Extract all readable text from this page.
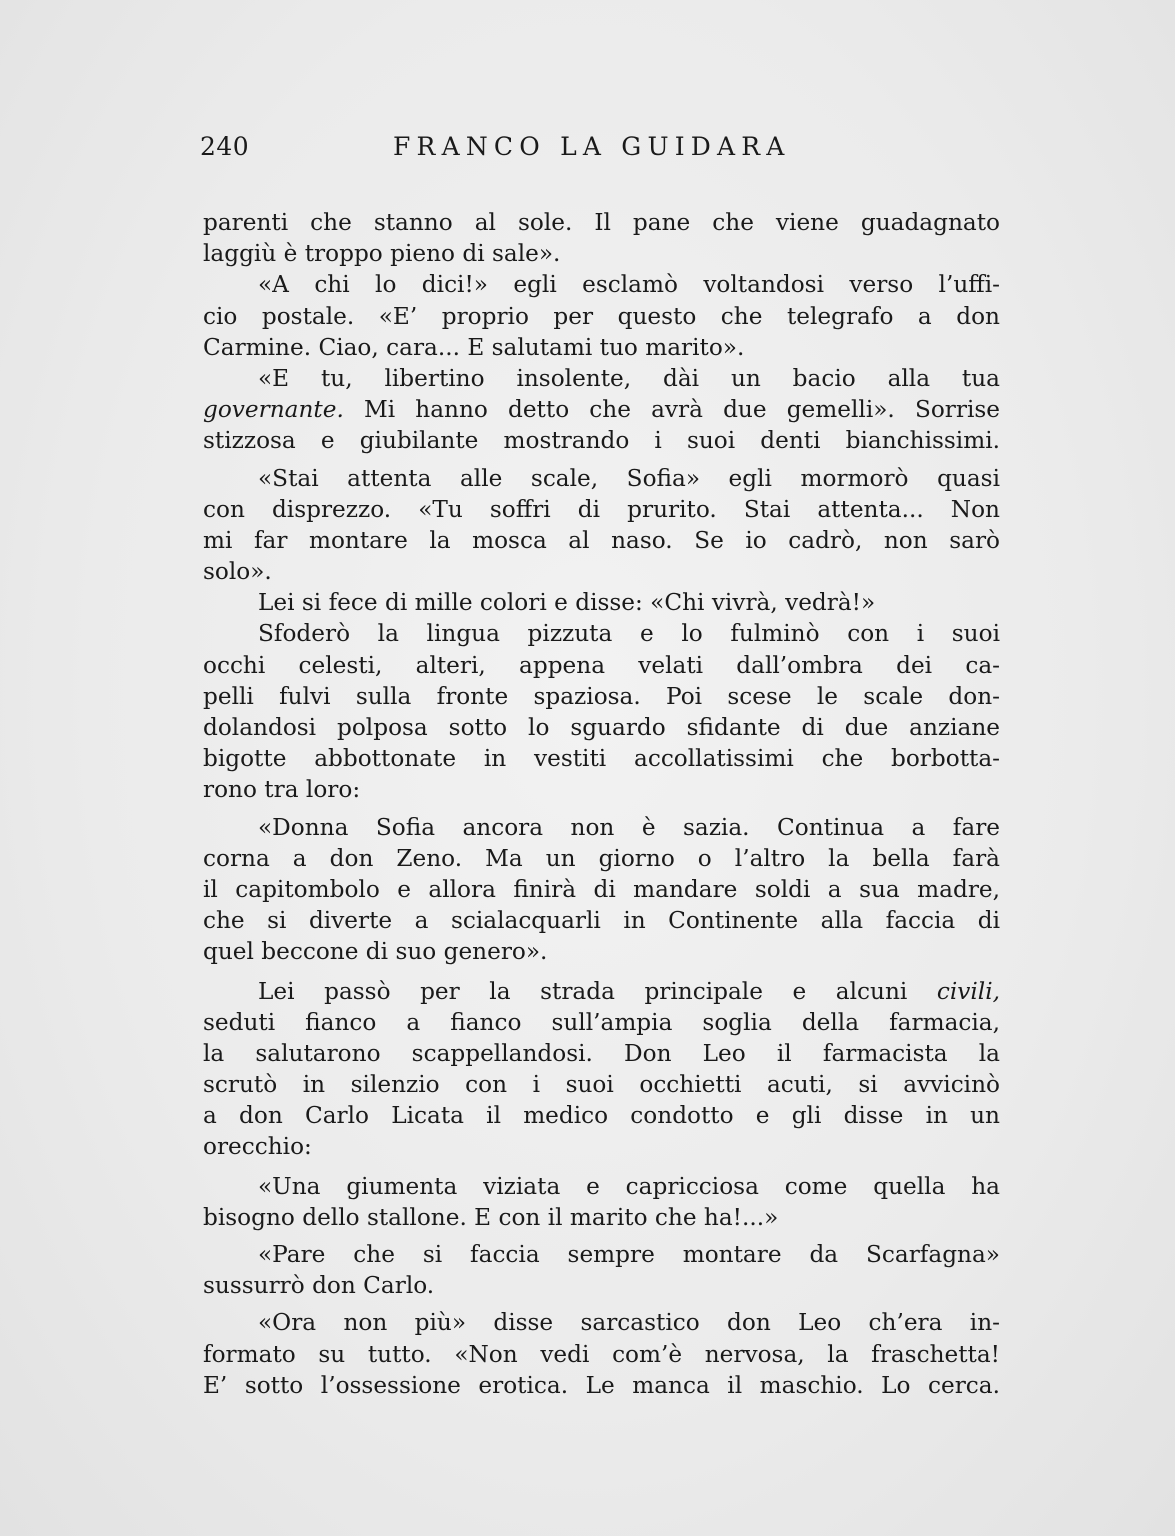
240	FRANCO LA GUIDARA
parenti che stanno al sole. Il pane che viene guadagnato
laggiù è troppo pieno di sale».
«A chi lo dici!» egli esclamò voltandosi verso l’uffi-
cio postale. «E’ proprio per questo che telegrafo a don
Carmine. Ciao, cara... E salutami tuo marito».
«E tu, libertino insolente, dài un bacio alla tua
governante. Mi hanno detto che avrà due gemelli». Sorrise
stizzosa e giubilante mostrando i suoi denti bianchissimi.
«Stai attenta alle scale, Sofia» egli mormorò quasi
con disprezzo. «Tu soffri di prurito. Stai attenta... Non
mi far montare la mosca al naso. Se io cadrò, non sarò
solo».
Lei si fece di mille colori e disse: «Chi vivrà, vedrà!»
Sfoderò la lingua pizzuta e lo fulminò con i suoi
occhi celesti, alteri, appena velati dall’ombra dei ca-
pelli fulvi sulla fronte spaziosa. Poi scese le scale don-
dolandosi polposa sotto lo sguardo sfidante di due anziane
bigotte abbottonate in vestiti accollatissimi che borbotta-
rono tra loro:
«Donna Sofia ancora non è sazia. Continua a fare
corna a don Zeno. Ma un giorno o l’altro la bella farà
il capitombolo e allora finirà di mandare soldi a sua madre,
che si diverte a scialacquarli in Continente alla faccia di
quel beccone di suo genero».
Lei passò per la strada principale e alcuni civili,
seduti fianco a fianco sull’ampia soglia della farmacia,
la salutarono scappellandosi. Don Leo il farmacista la
scrutò in silenzio con i suoi occhietti acuti, si avvicinò
a don Carlo Licata il medico condotto e gli disse in un
orecchio:
«Una giumenta viziata e capricciosa come quella ha
bisogno dello stallone. E con il marito che ha!...»
«Pare che si faccia sempre montare da Scarfagna»
sussurrò don Carlo.
«Ora non più» disse sarcastico don Leo ch’era in-
formato su tutto. «Non vedi com’è nervosa, la fraschetta!
E’ sotto l’ossessione erotica. Le manca il maschio. Lo cerca.
